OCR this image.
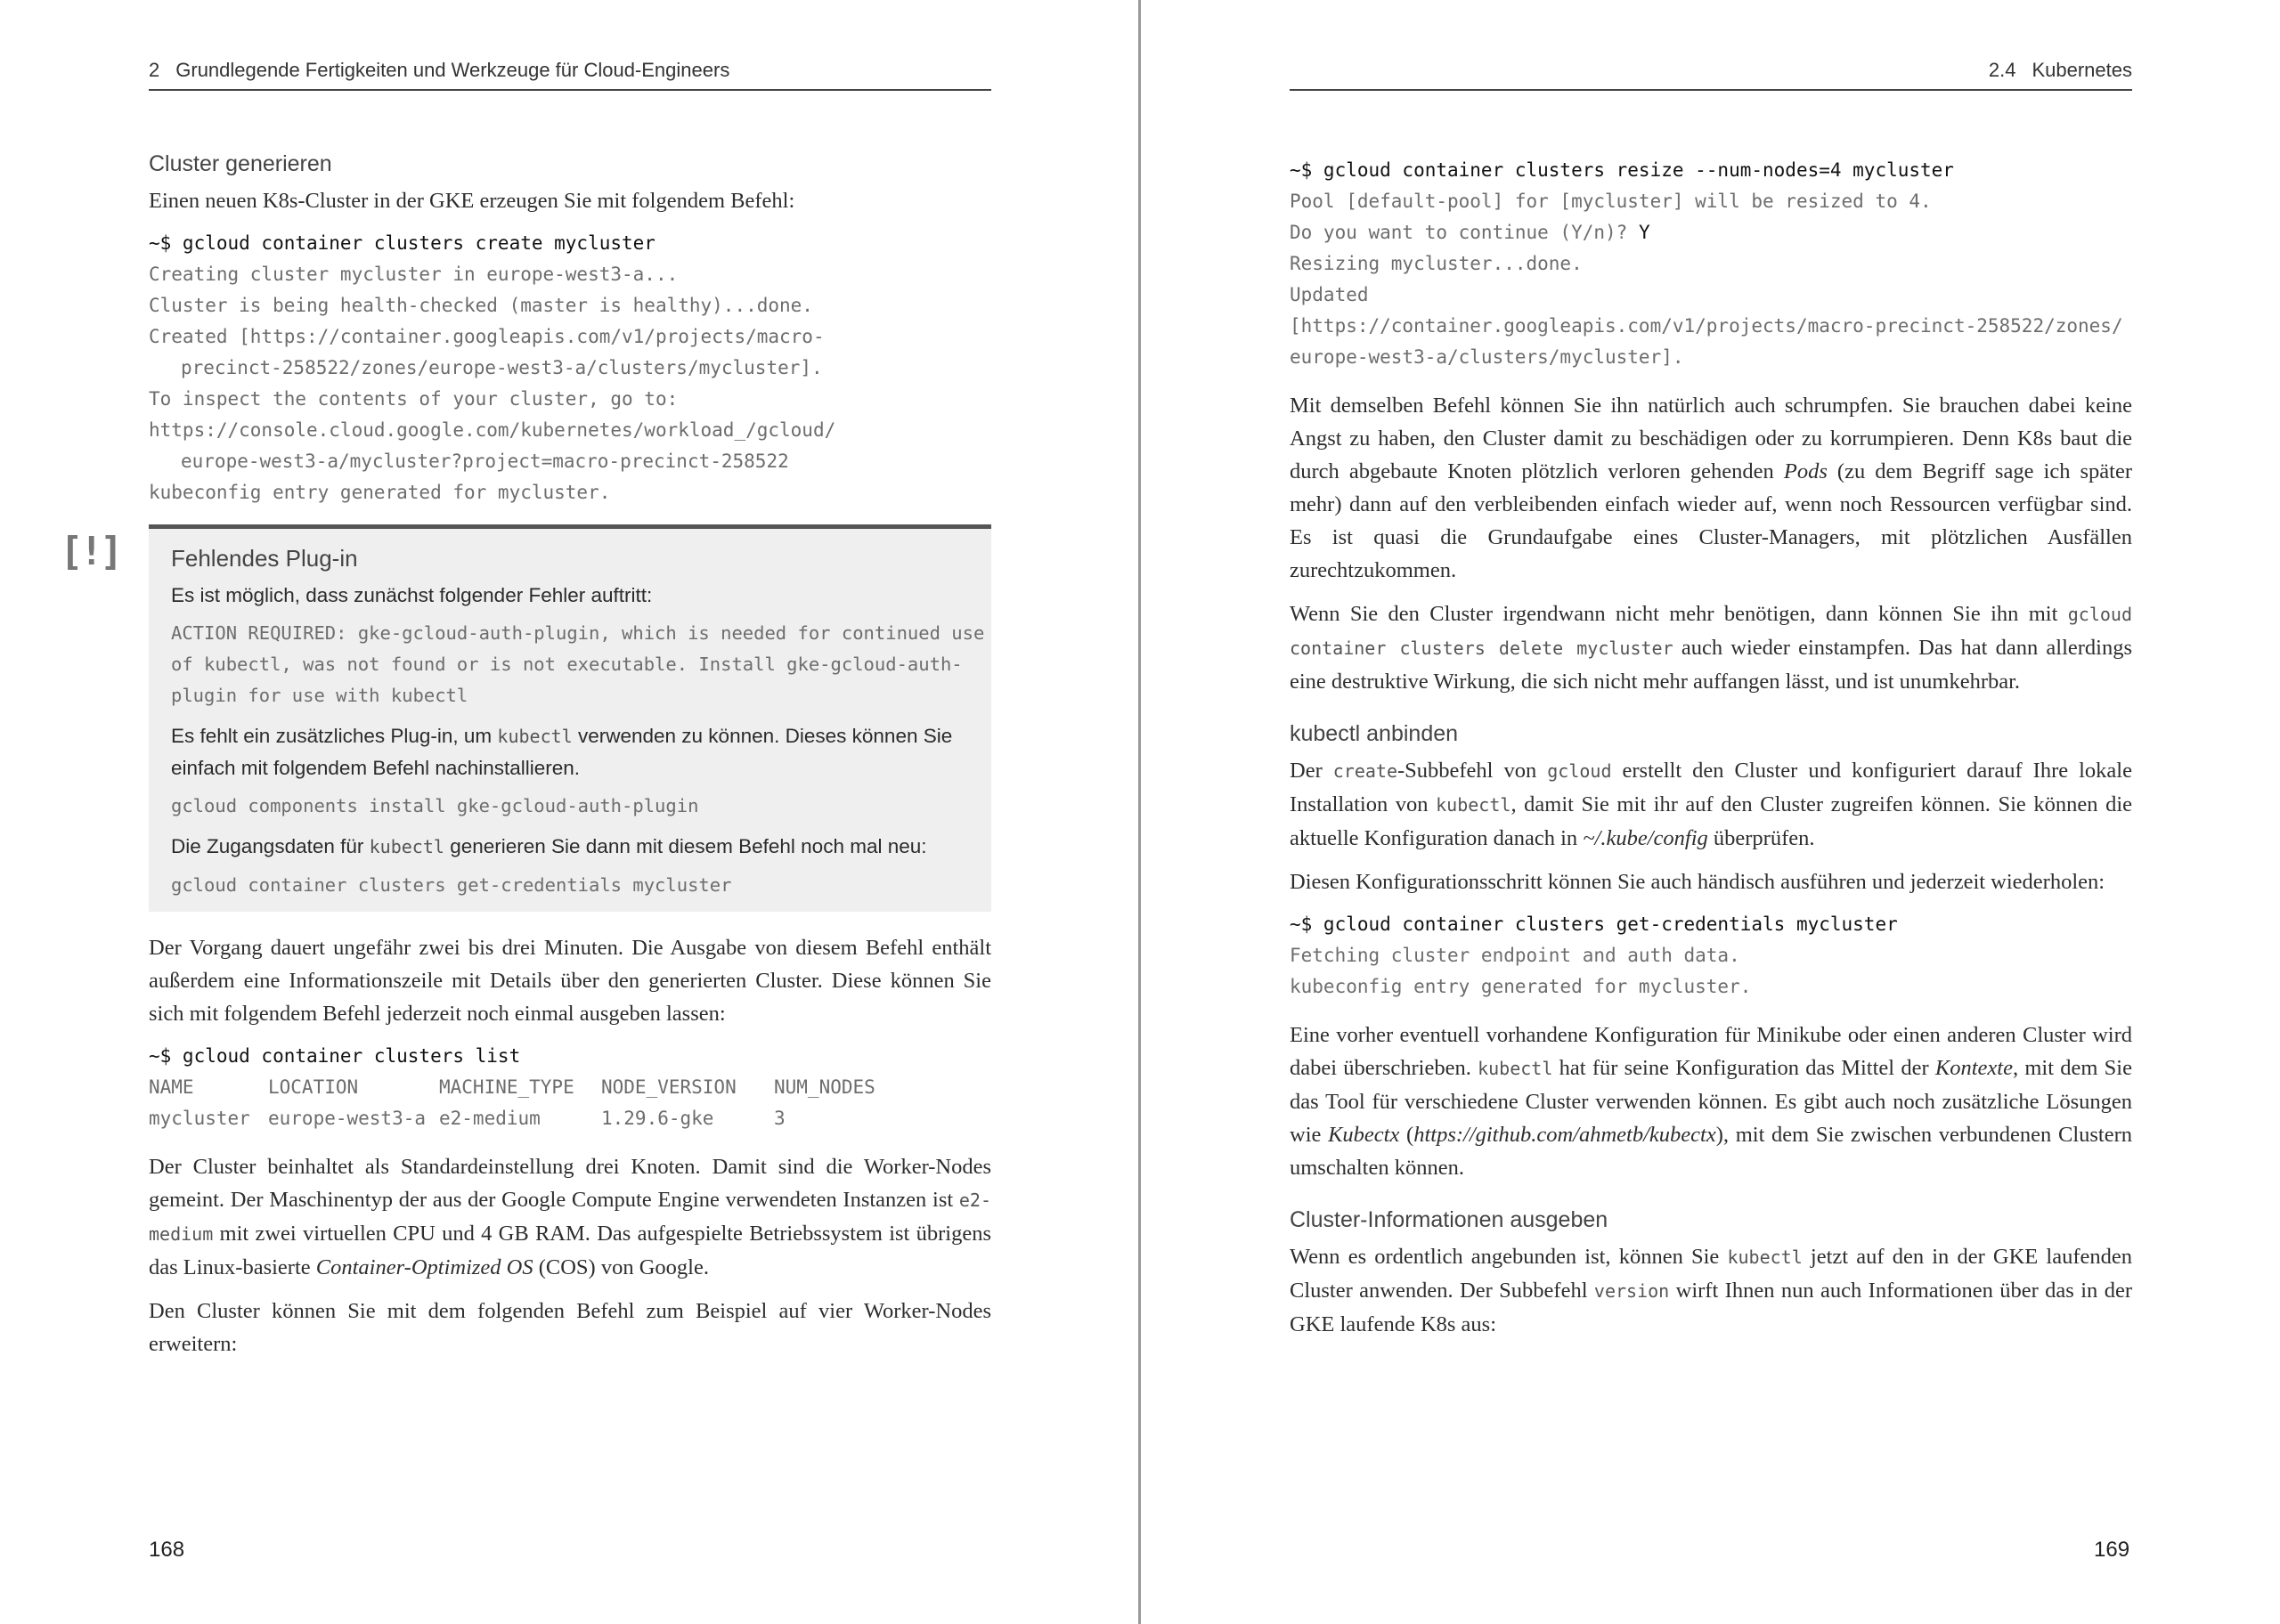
2 Grundlegende Fertigkeiten und Werkzeuge für Cloud-Engineers
Cluster generieren

Einen neuen K8s-Cluster in der GKE erzeugen Sie mit folgendem Befehl:

~$ gcloud container clusters create mycluster
Creating cluster mycluster in europe-west3-a...
Cluster is being health-checked (master is healthy)...done.
Created [https://container.googleapis.com/v1/projects/macro-
precinct-258522/zones/europe-west3-a/clusters/mycluster].
To inspect the contents of your cluster, go to:
https://console.cloud.google.com/kubernetes/workload_/gcloud/
europe-west3-a/mycluster?project=macro-precinct-258522
kubeconfig entry generated for mycluster.
[!] Fehlendes Plug-in

Es ist möglich, dass zunächst folgender Fehler auftritt:

ACTION REQUIRED: gke-gcloud-auth-plugin, which is needed for continued use
of kubectl, was not found or is not executable. Install gke-gcloud-auth-
plugin for use with kubectl

Es fehlt ein zusätzliches Plug-in, um kubectl verwenden zu können. Dieses können Sie einfach mit folgendem Befehl nachinstallieren.

gcloud components install gke-gcloud-auth-plugin

Die Zugangsdaten für kubectl generieren Sie dann mit diesem Befehl noch mal neu:

gcloud container clusters get-credentials mycluster

Der Vorgang dauert ungefähr zwei bis drei Minuten. Die Ausgabe von diesem Befehl enthält außerdem eine Informationszeile mit Details über den generierten Cluster. Diese können Sie sich mit folgendem Befehl jederzeit noch einmal ausgeben lassen:

~$ gcloud container clusters list
NAME	LOCATION	MACHINE_TYPE	NODE_VERSION	NUM_NODES
mycluster europe-west3-a e2-medium	1.29.6-gke	3

Der Cluster beinhaltet als Standardeinstellung drei Knoten. Damit sind die Worker-Nodes gemeint. Der Maschinentyp der aus der Google Compute Engine verwendeten Instanzen ist e2-medium mit zwei virtuellen CPU und 4 GB RAM. Das aufgespielte Betriebssystem ist übrigens das Linux-basierte Container-Optimized OS (COS) von Google.

Den Cluster können Sie mit dem folgenden Befehl zum Beispiel auf vier Worker-Nodes erweitern:

168
2.4 Kubernetes
~$ gcloud container clusters resize --num-nodes=4 mycluster
Pool [default-pool] for [mycluster] will be resized to 4.
Do you want to continue (Y/n)? Y
Resizing mycluster...done.
Updated
[https://container.googleapis.com/v1/projects/macro-precinct-258522/zones/
europe-west3-a/clusters/mycluster].

Mit demselben Befehl können Sie ihn natürlich auch schrumpfen. Sie brauchen dabei keine Angst zu haben, den Cluster damit zu beschädigen oder zu korrumpieren. Denn K8s baut die durch abgebaute Knoten plötzlich verloren gehenden Pods (zu dem Begriff sage ich später mehr) dann auf den verbleibenden einfach wieder auf, wenn noch Ressourcen verfügbar sind. Es ist quasi die Grundaufgabe eines Cluster-Managers, mit plötzlichen Ausfällen zurechtzukommen.

Wenn Sie den Cluster irgendwann nicht mehr benötigen, dann können Sie ihn mit gcloud container clusters delete mycluster auch wieder einstampfen. Das hat dann allerdings eine destruktive Wirkung, die sich nicht mehr auffangen lässt, und ist unumkehrbar.

kubectl anbinden

Der create-Subbefehl von gcloud erstellt den Cluster und konfiguriert darauf Ihre lokale Installation von kubectl, damit Sie mit ihr auf den Cluster zugreifen können. Sie können die aktuelle Konfiguration danach in ~/.kube/config überprüfen.

Diesen Konfigurationsschritt können Sie auch händisch ausführen und jederzeit wiederholen:

~$ gcloud container clusters get-credentials mycluster
Fetching cluster endpoint and auth data.
kubeconfig entry generated for mycluster.

Eine vorher eventuell vorhandene Konfiguration für Minikube oder einen anderen Cluster wird dabei überschrieben. kubectl hat für seine Konfiguration das Mittel der Kontexte, mit dem Sie das Tool für verschiedene Cluster verwenden können. Es gibt auch noch zusätzliche Lösungen wie Kubectx (https://github.com/ahmetb/kubectx), mit dem Sie zwischen verbundenen Clustern umschalten können.

Cluster-Informationen ausgeben

Wenn es ordentlich angebunden ist, können Sie kubectl jetzt auf den in der GKE laufenden Cluster anwenden. Der Subbefehl version wirft Ihnen nun auch Informationen über das in der GKE laufende K8s aus:

169
